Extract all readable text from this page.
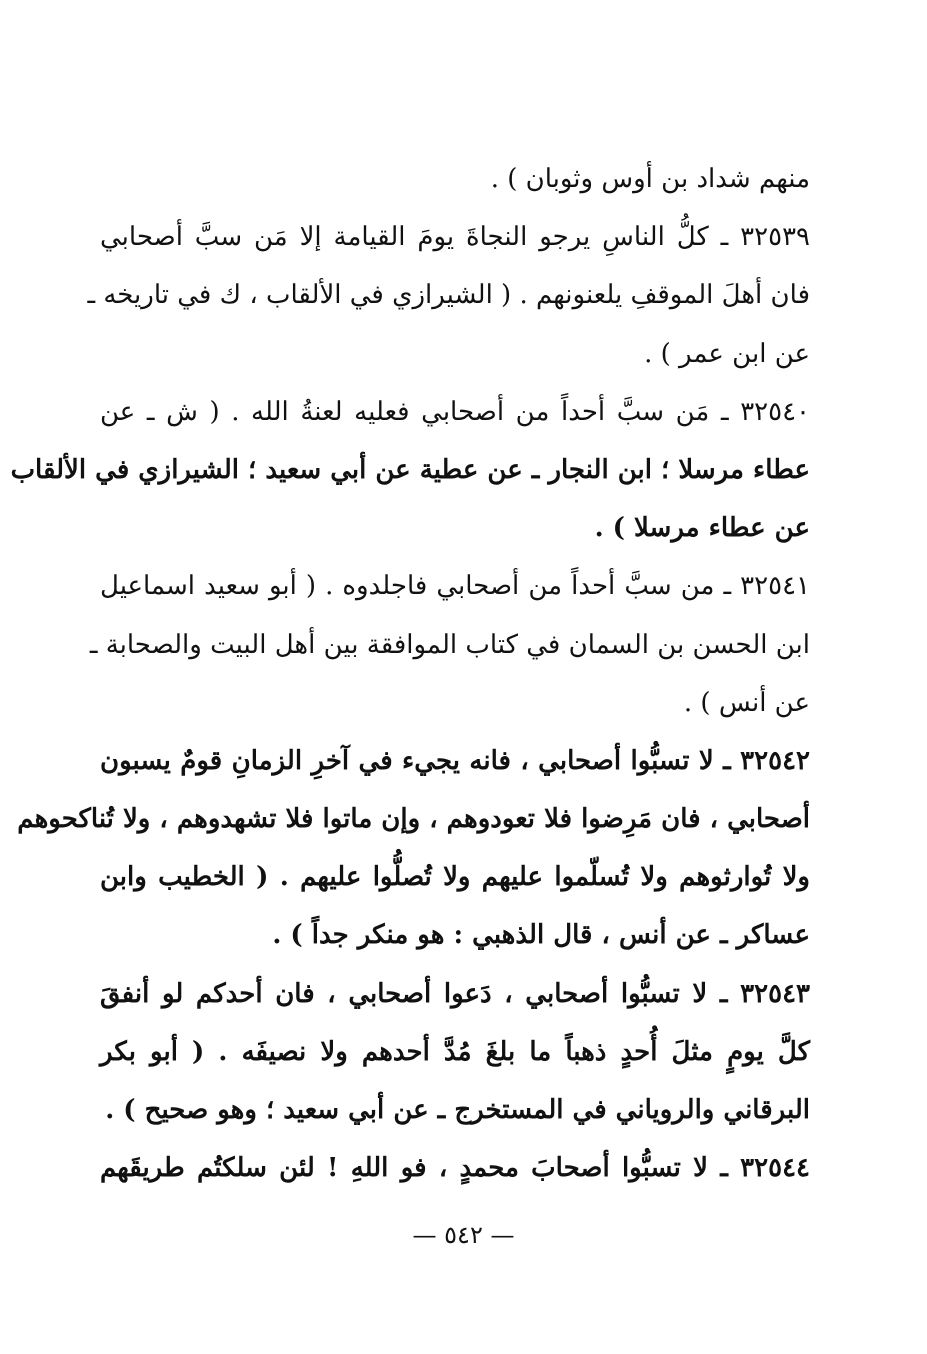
منهم شداد بن أوس وثوبان ) .
٣٢٥٣٩ ـ كلُّ الناسِ يرجو النجاةَ يومَ القيامة إلا مَن سبَّ أصحابي
فان أهلَ الموقفِ يلعنونهم . ( الشيرازي في الألقاب ، ك في تاريخه ـ
عن ابن عمر ) .
٣٢٥٤٠ ـ مَن سبَّ أحداً من أصحابي فعليه لعنةُ الله . ( ش ـ عن
عطاء مرسلا ؛ ابن النجار ـ عن عطية عن أبي سعيد ؛ الشيرازي في الألقاب
عن عطاء مرسلا ) .
٣٢٥٤١ ـ من سبَّ أحداً من أصحابي فاجلدوه . ( أبو سعيد اسماعيل
ابن الحسن بن السمان في كتاب الموافقة بين أهل البيت والصحابة ـ
عن أنس ) .
٣٢٥٤٢ ـ لا تسبُّوا أصحابي ، فانه يجيء في آخرِ الزمانِ قومٌ يسبون
أصحابي ، فان مَرِضوا فلا تعودوهم ، وإن ماتوا فلا تشهدوهم ، ولا تُناكحوهم
ولا تُوارثوهم ولا تُسلّموا عليهم ولا تُصلُّوا عليهم . ( الخطيب وابن
عساكر ـ عن أنس ، قال الذهبي : هو منكر جداً ) .
٣٢٥٤٣ ـ لا تسبُّوا أصحابي ، دَعوا أصحابي ، فان أحدكم لو أنفقَ
كلَّ يومٍ مثلَ أُحدٍ ذهباً ما بلغَ مُدَّ أحدهم ولا نصيفَه . ( أبو بكر
البرقاني والروياني في المستخرج ـ عن أبي سعيد ؛ وهو صحيح ) .
٣٢٥٤٤ ـ لا تسبُّوا أصحابَ محمدٍ ، فو اللهِ ! لئن سلكتُم طريقَهم
— ٥٤٢ —
